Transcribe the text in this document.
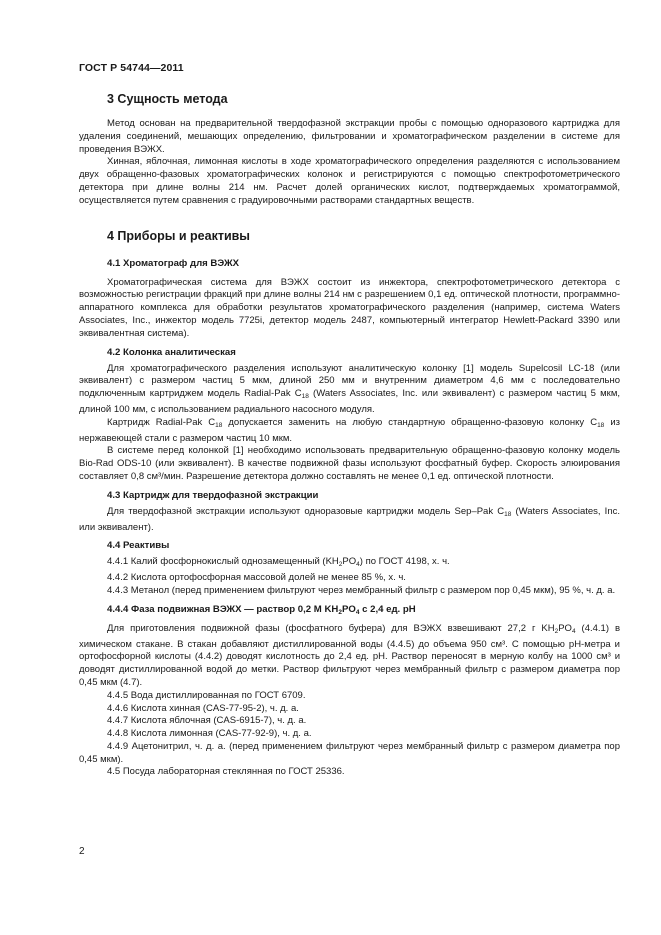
ГОСТ Р 54744—2011
3 Сущность метода

Метод основан на предварительной твердофазной экстракции пробы с помощью одноразового картриджа для удаления соединений, мешающих определению, фильтровании и хроматографическом разделении в системе для проведения ВЭЖХ.

Хинная, яблочная, лимонная кислоты в ходе хроматографического определения разделяются с использованием двух обращенно-фазовых хроматографических колонок и регистрируются с помощью спектрофотометрического детектора при длине волны 214 нм. Расчет долей органических кислот, подтверждаемых хроматограммой, осуществляется путем сравнения с градуировочными растворами стандартных веществ.

4 Приборы и реактивы
4.1 Хроматограф для ВЭЖХ

Хроматографическая система для ВЭЖХ состоит из инжектора, спектрофотометрического детектора с возможностью регистрации фракций при длине волны 214 нм с разрешением 0,1 ед. оптической плотности, программно-аппаратного комплекса для обработки результатов хроматографического разделения (например, система Waters Associates, Inc., инжектор модель 7725i, детектор модель 2487, компьютерный интегратор Hewlett-Packard 3390 или эквивалентная система).

4.2 Колонка аналитическая

Для хроматографического разделения используют аналитическую колонку [1] модель Supelcosil LC-18 (или эквивалент) с размером частиц 5 мкм, длиной 250 мм и внутренним диаметром 4,6 мм с последовательно подключенным картриджем модель Radial-Pak $C_{18}$ (Waters Associates, Inc. или эквивалент) с размером частиц 5 мкм, длиной 100 мм, с использованием радиального насосного модуля.

Картридж Radial-Pak $C_{18}$ допускается заменить на любую стандартную обращенно-фазовую колонку $C_{18}$ из нержавеющей стали с размером частиц 10 мкм.

В системе перед колонкой [1] необходимо использовать предварительную обращенно-фазовую колонку модель Bio-Rad ODS-10 (или эквивалент). В качестве подвижной фазы используют фосфатный буфер. Скорость элюирования составляет 0,8 см³/мин. Разрешение детектора должно составлять не менее 0,1 ед. оптической плотности.

4.3 Картридж для твердофазной экстракции

Для твердофазной экстракции используют одноразовые картриджи модель Sep–Pak $C_{18}$ (Waters Associates, Inc. или эквивалент).

4.4 Реактивы

4.4.1 Калий фосфорнокислый однозамещенный $(KH_2PO_4)$ по ГОСТ 4198, х. ч.

4.4.2 Кислота ортофосфорная массовой долей не менее 85 %, х. ч.

4.4.3 Метанол (перед применением фильтруют через мембранный фильтр с размером пор 0,45 мкм), 95 %, ч. д. а.

4.4.4 Фаза подвижная ВЭЖХ — раствор 0,2 М $KH_2PO_4$ с 2,4 ед. pH

Для приготовления подвижной фазы (фосфатного буфера) для ВЭЖХ взвешивают 27,2 г $KH_2PO_4$ (4.4.1) в химическом стакане. В стакан добавляют дистиллированной воды (4.4.5) до объема 950 см³. С помощью pH-метра и ортофосфорной кислоты (4.4.2) доводят кислотность до 2,4 ед. pH. Раствор переносят в мерную колбу на 1000 см³ и доводят дистиллированной водой до метки. Раствор фильтруют через мембранный фильтр с размером диаметра пор 0,45 мкм (4.7).

4.4.5 Вода дистиллированная по ГОСТ 6709.

4.4.6 Кислота хинная (CAS-77-95-2), ч. д. а.

4.4.7 Кислота яблочная (CAS-6915-7), ч. д. а.

4.4.8 Кислота лимонная (CAS-77-92-9), ч. д. а.

4.4.9 Ацетонитрил, ч. д. а. (перед применением фильтруют через мембранный фильтр с размером диаметра пор 0,45 мкм).

4.5 Посуда лабораторная стеклянная по ГОСТ 25336.

2
